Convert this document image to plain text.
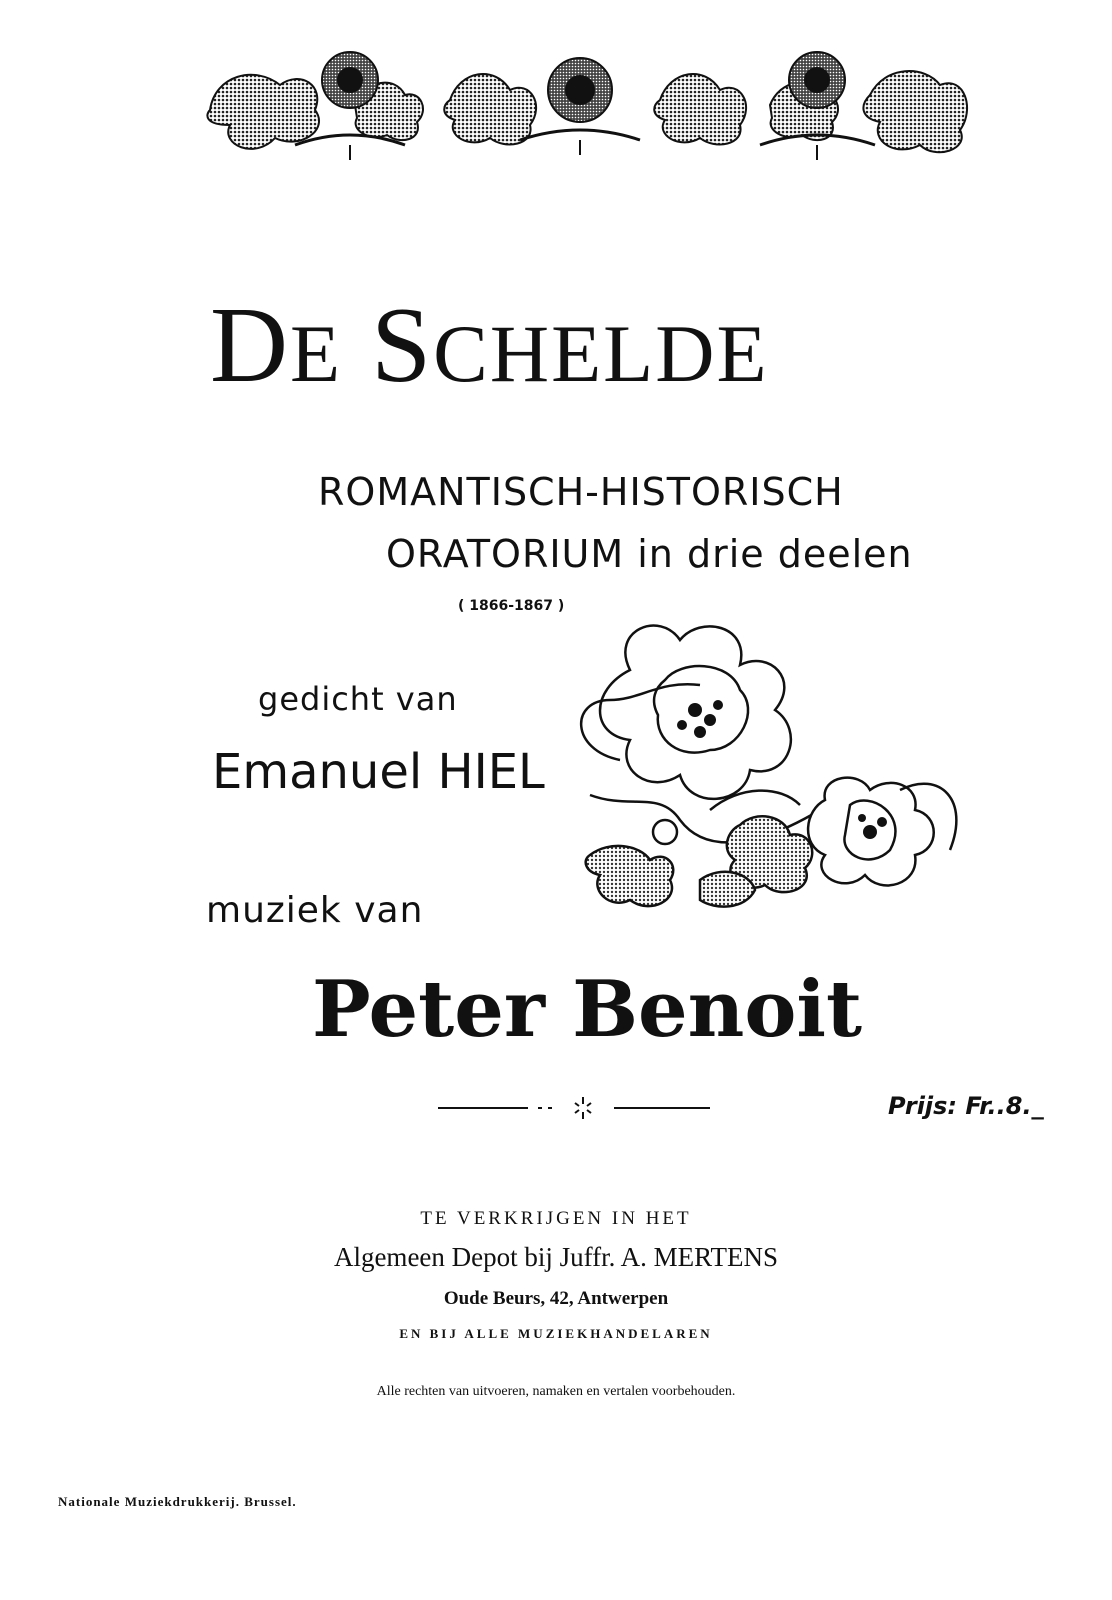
DE SCHELDE
ROMANTISCH-HISTORISCH
ORATORIUM in drie deelen
( 1866-1867 )
gedicht van
Emanuel HIEL
muziek van
Peter Benoit
Prijs: Fr..8._
TE VERKRIJGEN IN HET
Algemeen Depot bij Juffr. A. MERTENS
Oude Beurs, 42, Antwerpen
EN BIJ ALLE MUZIEKHANDELAREN
Alle rechten van uitvoeren, namaken en vertalen voorbehouden.
Nationale Muziekdrukkerij. Brussel.
